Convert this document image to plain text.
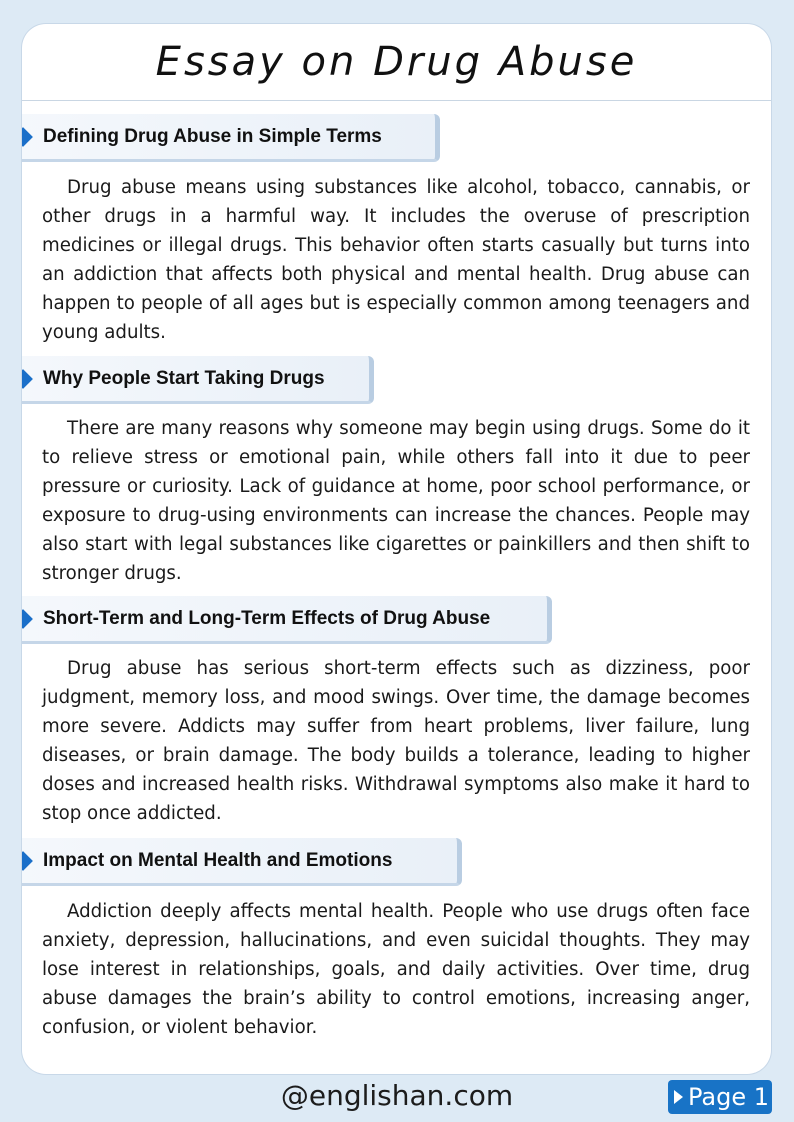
Essay on Drug Abuse
Defining Drug Abuse in Simple Terms

Drug abuse means using substances like alcohol, tobacco, cannabis, or other drugs in a harmful way. It includes the overuse of prescription medicines or illegal drugs. This behavior often starts casually but turns into an addiction that affects both physical and mental health. Drug abuse can happen to people of all ages but is especially common among teenagers and young adults.

Why People Start Taking Drugs

There are many reasons why someone may begin using drugs. Some do it to relieve stress or emotional pain, while others fall into it due to peer pressure or curiosity. Lack of guidance at home, poor school performance, or exposure to drug-using environments can increase the chances. People may also start with legal substances like cigarettes or painkillers and then shift to stronger drugs.

Short-Term and Long-Term Effects of Drug Abuse

Drug abuse has serious short-term effects such as dizziness, poor judgment, memory loss, and mood swings. Over time, the damage becomes more severe. Addicts may suffer from heart problems, liver failure, lung diseases, or brain damage. The body builds a tolerance, leading to higher doses and increased health risks. Withdrawal symptoms also make it hard to stop once addicted.

Impact on Mental Health and Emotions

Addiction deeply affects mental health. People who use drugs often face anxiety, depression, hallucinations, and even suicidal thoughts. They may lose interest in relationships, goals, and daily activities. Over time, drug abuse damages the brain’s ability to control emotions, increasing anger, confusion, or violent behavior.

@englishan.com	Page 1
